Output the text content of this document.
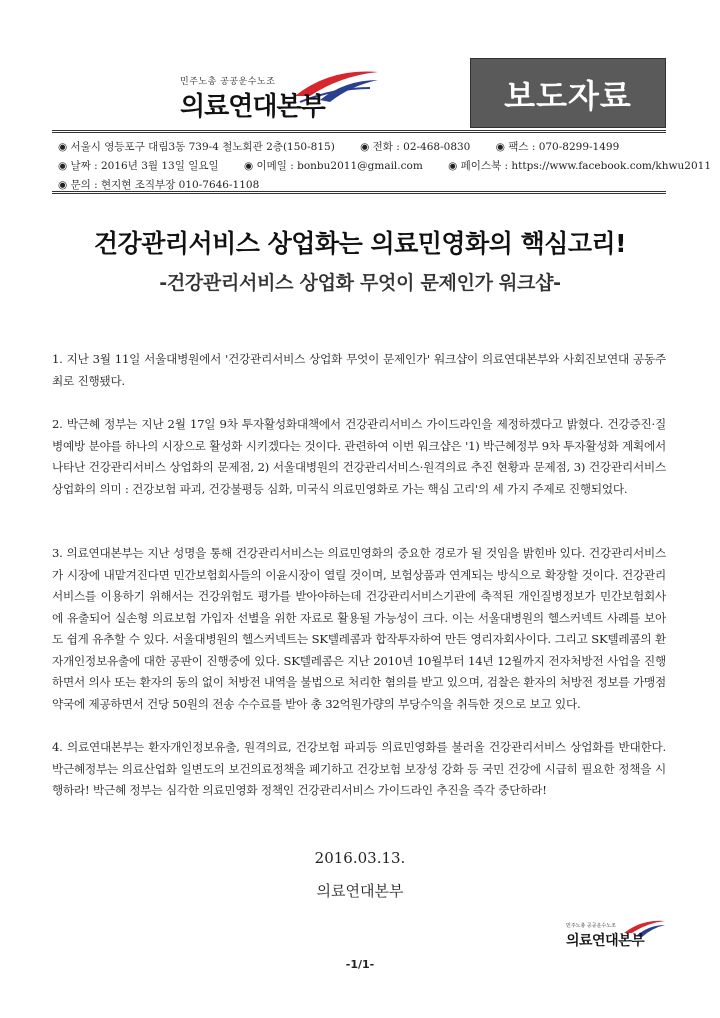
민주노총 공공운수노조
의료연대본부	보도자료
◉ 서울시 영등포구 대림3동 739-4 철노회관 2층(150-815) ◉ 전화 : 02-468-0830 ◉ 팩스 : 070-8299-1499
◉ 날짜 : 2016년 3월 13일 일요일 ◉ 이메일 : bonbu2011@gmail.com ◉ 페이스북 : https://www.facebook.com/khwu2011
◉ 문의 : 현지현 조직부장 010-7646-1108
건강관리서비스 상업화는 의료민영화의 핵심고리!
-건강관리서비스 상업화 무엇이 문제인가 워크샵-
1. 지난 3월 11일 서울대병원에서 '건강관리서비스 상업화 무엇이 문제인가' 워크샵이 의료연대본부와 사회진보연대 공동주최로 진행됐다.
2. 박근혜 정부는 지난 2월 17일 9차 투자활성화대책에서 건강관리서비스 가이드라인을 제정하겠다고 밝혔다. 건강증진·질병예방 분야를 하나의 시장으로 활성화 시키겠다는 것이다. 관련하여 이번 워크샵은 '1) 박근혜정부 9차 투자활성화 계획에서 나타난 건강관리서비스 상업화의 문제점, 2) 서울대병원의 건강관리서비스·원격의료 추진 현황과 문제점, 3) 건강관리서비스 상업화의 의미 : 건강보험 파괴, 건강불평등 심화, 미국식 의료민영화로 가는 핵심 고리'의 세 가지 주제로 진행되었다.
3. 의료연대본부는 지난 성명을 통해 건강관리서비스는 의료민영화의 중요한 경로가 될 것임을 밝힌바 있다. 건강관리서비스가 시장에 내맡겨진다면 민간보험회사들의 이윤시장이 열릴 것이며, 보험상품과 연계되는 방식으로 확장할 것이다. 건강관리서비스를 이용하기 위해서는 건강위험도 평가를 받아야하는데 건강관리서비스기관에 축적된 개인질병정보가 민간보험회사에 유출되어 실손형 의료보험 가입자 선별을 위한 자료로 활용될 가능성이 크다. 이는 서울대병원의 헬스커넥트 사례를 보아도 쉽게 유추할 수 있다. 서울대병원의 헬스커넥트는 SK텔레콤과 합작투자하여 만든 영리자회사이다. 그리고 SK텔레콤의 환자개인정보유출에 대한 공판이 진행중에 있다. SK텔레콤은 지난 2010년 10월부터 14년 12월까지 전자처방전 사업을 진행하면서 의사 또는 환자의 동의 없이 처방전 내역을 불법으로 처리한 혐의를 받고 있으며, 검찰은 환자의 처방전 정보를 가맹점 약국에 제공하면서 건당 50원의 전송 수수료를 받아 총 32억원가량의 부당수익을 취득한 것으로 보고 있다.
4. 의료연대본부는 환자개인정보유출, 원격의료, 건강보험 파괴등 의료민영화를 불러올 건강관리서비스 상업화를 반대한다. 박근혜정부는 의료산업화 일변도의 보건의료정책을 폐기하고 건강보험 보장성 강화 등 국민 건강에 시급히 필요한 정책을 시행하라! 박근혜 정부는 심각한 의료민영화 정책인 건강관리서비스 가이드라인 추진을 즉각 중단하라!
2016.03.13.
의료연대본부
민주노총 공공운수노조
의료연대본부
-1/1-
